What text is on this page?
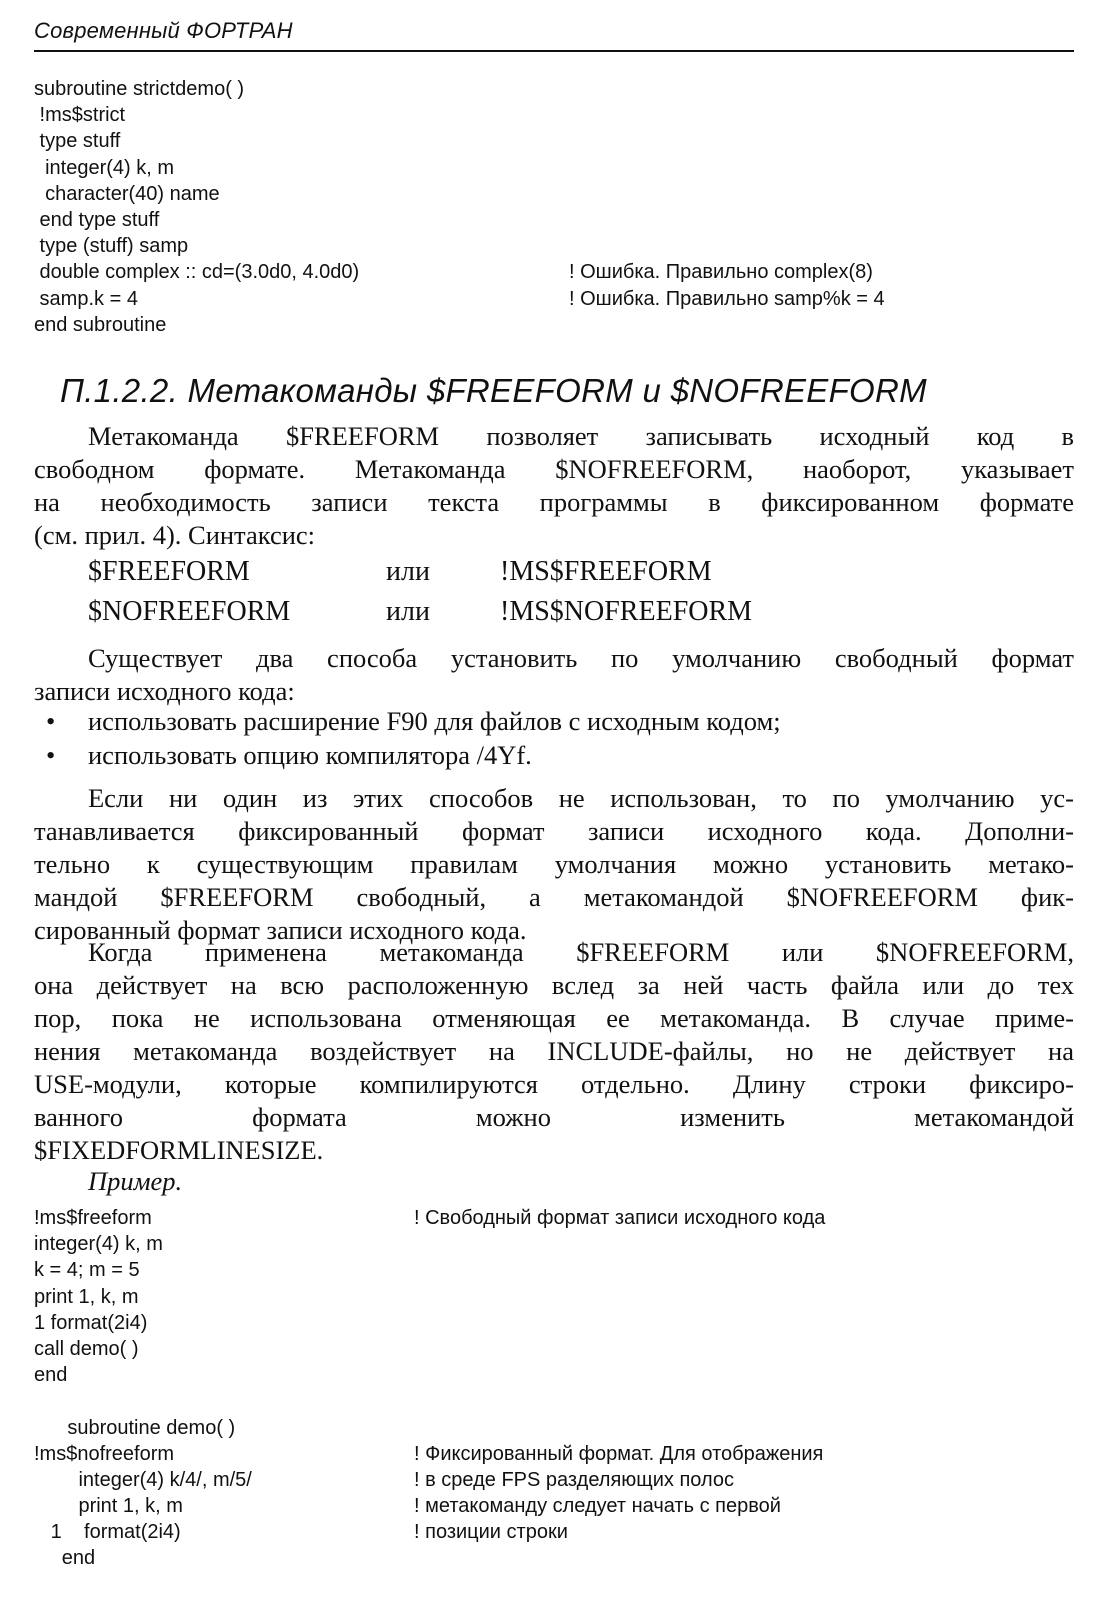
Современный ФОРТРАН
subroutine strictdemo( )
!ms$strict
type stuff
integer(4) k, m
character(40) name
end type stuff
type (stuff) samp
double complex :: cd=(3.0d0, 4.0d0)	! Ошибка. Правильно complex(8)
samp.k = 4	! Ошибка. Правильно samp%k = 4
end subroutine
П.1.2.2. Метакоманды $FREEFORM и $NOFREEFORM
Метакоманда $FREEFORM позволяет записывать исходный код в
свободном формате. Метакоманда $NOFREEFORM, наоборот, указывает
на необходимость записи текста программы в фиксированном формате
(см. прил. 4). Синтаксис:
$FREEFORM	или	!MS$FREEFORM
$NOFREEFORM	или	!MS$NOFREEFORM
Существует два способа установить по умолчанию свободный формат
записи исходного кода:
• использовать расширение F90 для файлов с исходным кодом;
• использовать опцию компилятора /4Yf.
Если ни один из этих способов не использован, то по умолчанию ус-
танавливается фиксированный формат записи исходного кода. Дополни-
тельно к существующим правилам умолчания можно установить метако-
мандой $FREEFORM свободный, а метакомандой $NOFREEFORM фик-
сированный формат записи исходного кода.
Когда применена метакоманда $FREEFORM или $NOFREEFORM,
она действует на всю расположенную вслед за ней часть файла или до тех
пор, пока не использована отменяющая ее метакоманда. В случае приме-
нения метакоманда воздействует на INCLUDE-файлы, но не действует на
USE-модули, которые компилируются отдельно. Длину строки фиксиро-
ванного формата можно изменить метакомандой
$FIXEDFORMLINESIZE.
Пример.
!ms$freeform	! Свободный формат записи исходного кода
integer(4) k, m
k = 4; m = 5
print 1, k, m
1 format(2i4)
call demo( )
end
subroutine demo( )
!ms$nofreeform	! Фиксированный формат. Для отображения
integer(4) k/4/, m/5/	! в среде FPS разделяющих полос
print 1, k, m	! метакоманду следует начать с первой
1    format(2i4)	! позиции строки
end
